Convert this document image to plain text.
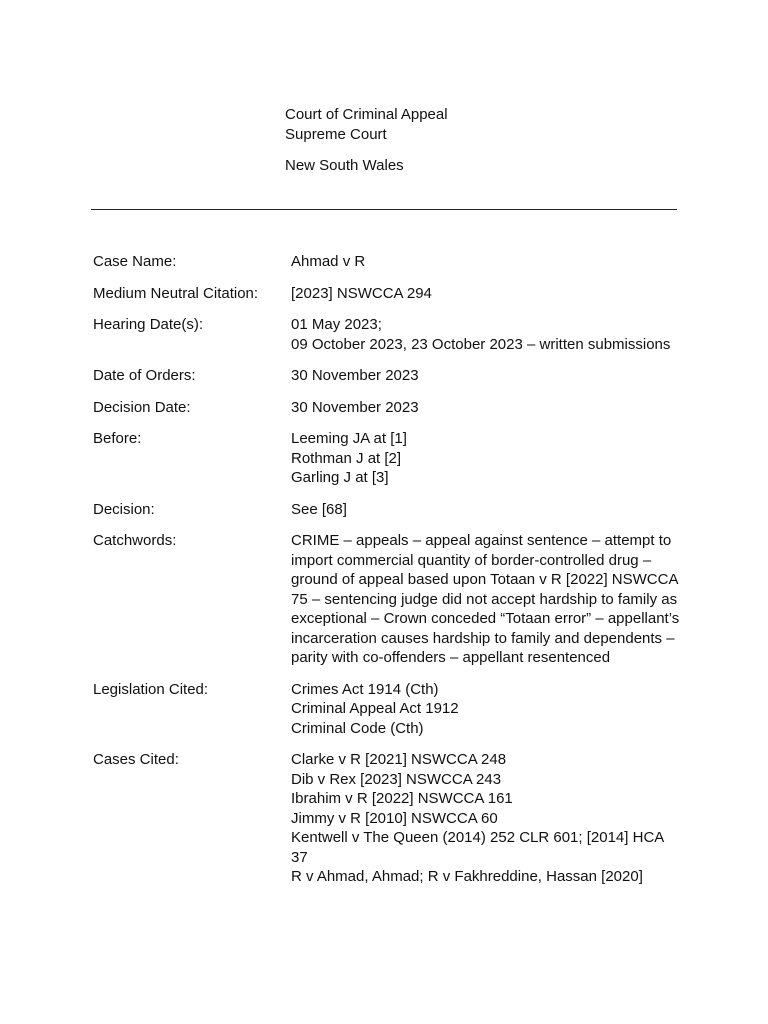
Court of Criminal Appeal
Supreme Court
New South Wales
Case Name:	Ahmad v R
Medium Neutral Citation:	[2023] NSWCCA 294
Hearing Date(s):	01 May 2023;
09 October 2023, 23 October 2023 – written submissions
Date of Orders:	30 November 2023
Decision Date:	30 November 2023
Before:	Leeming JA at [1]
Rothman J at [2]
Garling J at [3]
Decision:	See [68]
Catchwords:	CRIME – appeals – appeal against sentence – attempt to import commercial quantity of border-controlled drug – ground of appeal based upon Totaan v R [2022] NSWCCA 75 – sentencing judge did not accept hardship to family as exceptional – Crown conceded “Totaan error” – appellant’s incarceration causes hardship to family and dependents – parity with co-offenders – appellant resentenced
Legislation Cited:	Crimes Act 1914 (Cth)
Criminal Appeal Act 1912
Criminal Code (Cth)
Cases Cited:	Clarke v R [2021] NSWCCA 248
Dib v Rex [2023] NSWCCA 243
Ibrahim v R [2022] NSWCCA 161
Jimmy v R [2010] NSWCCA 60
Kentwell v The Queen (2014) 252 CLR 601; [2014] HCA 37
R v Ahmad, Ahmad; R v Fakhreddine, Hassan [2020]
